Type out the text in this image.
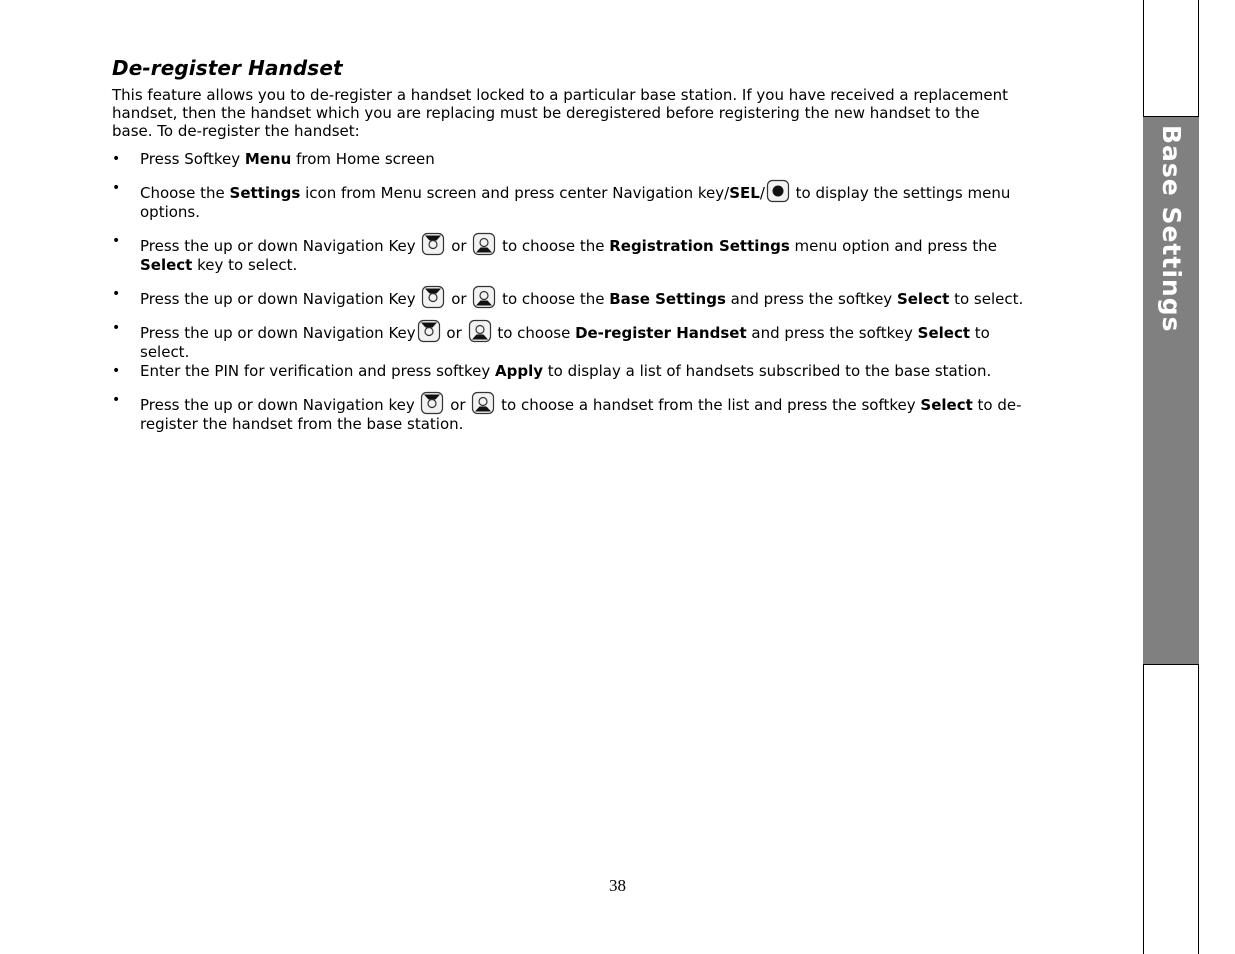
De-register Handset

This feature allows you to de-register a handset locked to a particular base station. If you have received a replacement handset, then the handset which you are replacing must be deregistered before registering the new handset to the base. To de-register the handset:

• Press Softkey Menu from Home screen
• Choose the Settings icon from Menu screen and press center Navigation key/SEL/
to display the settings menu options.
• Press the up or down Navigation Key
or
to choose the Registration Settings menu option and press the Select key to select.
• Press the up or down Navigation Key
or
to choose the Base Settings and press the softkey Select to select.
• Press the up or down Navigation Key
or
to choose De-register Handset and press the softkey Select to select.
• Enter the PIN for verification and press softkey Apply to display a list of handsets subscribed to the base station.
• Press the up or down Navigation key
or
to choose a handset from the list and press the softkey Select to de-register the handset from the base station.
38
Base Settings
